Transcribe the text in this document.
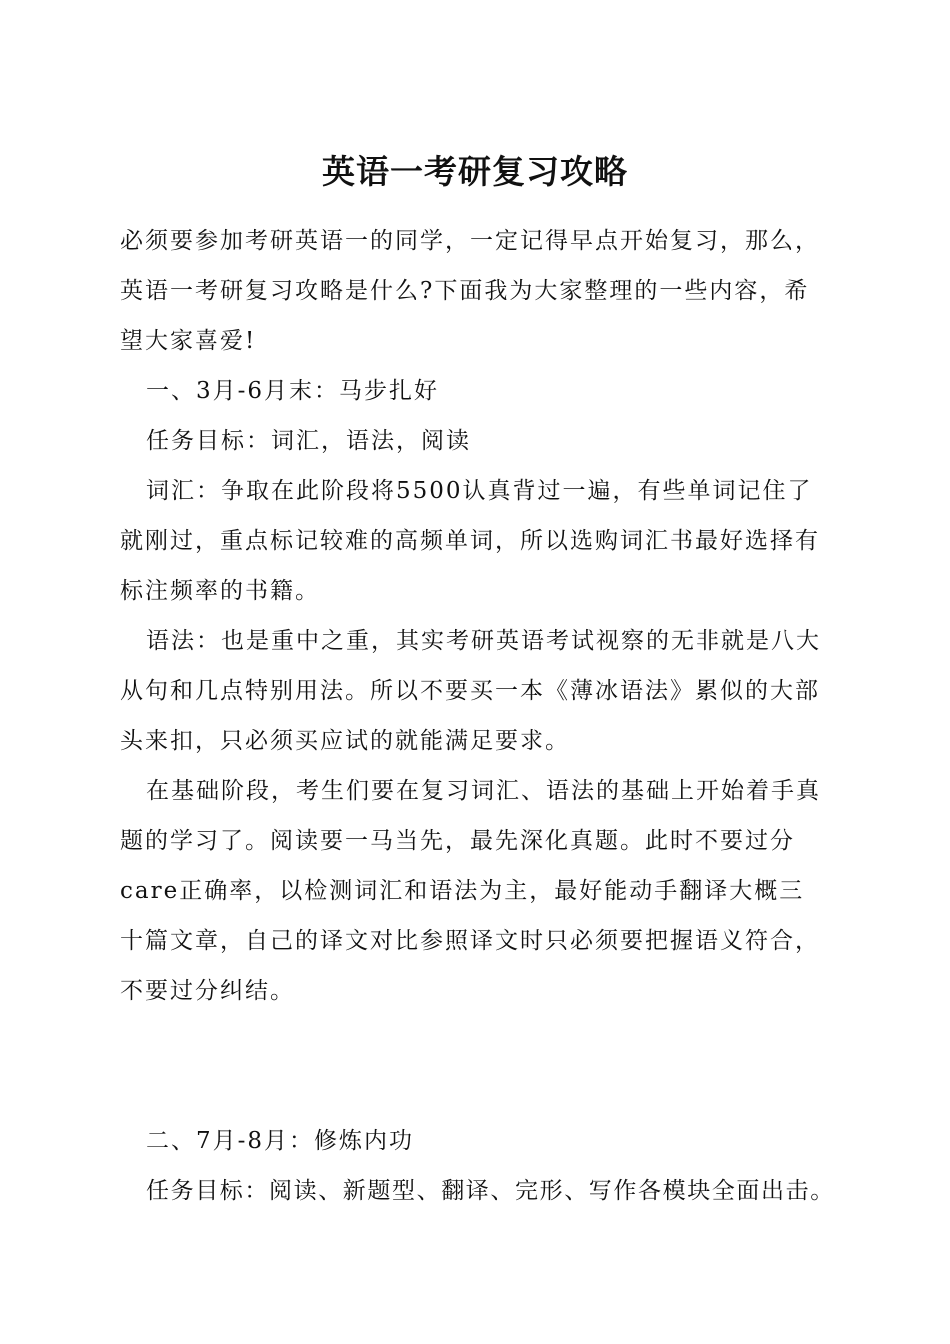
英语一考研复习攻略
必须要参加考研英语一的同学，一定记得早点开始复习，那么，
英语一考研复习攻略是什么?下面我为大家整理的一些内容，希
望大家喜爱!
一、3月-6月末：马步扎好
任务目标：词汇，语法，阅读
词汇：争取在此阶段将5500认真背过一遍，有些单词记住了
就刚过，重点标记较难的高频单词，所以选购词汇书最好选择有
标注频率的书籍。
语法：也是重中之重，其实考研英语考试视察的无非就是八大
从句和几点特别用法。所以不要买一本《薄冰语法》累似的大部
头来扣，只必须买应试的就能满足要求。
在基础阶段，考生们要在复习词汇、语法的基础上开始着手真
题的学习了。阅读要一马当先，最先深化真题。此时不要过分
care正确率，以检测词汇和语法为主，最好能动手翻译大概三
十篇文章，自己的译文对比参照译文时只必须要把握语义符合，
不要过分纠结。
二、7月-8月：修炼内功
任务目标：阅读、新题型、翻译、完形、写作各模块全面出击。
